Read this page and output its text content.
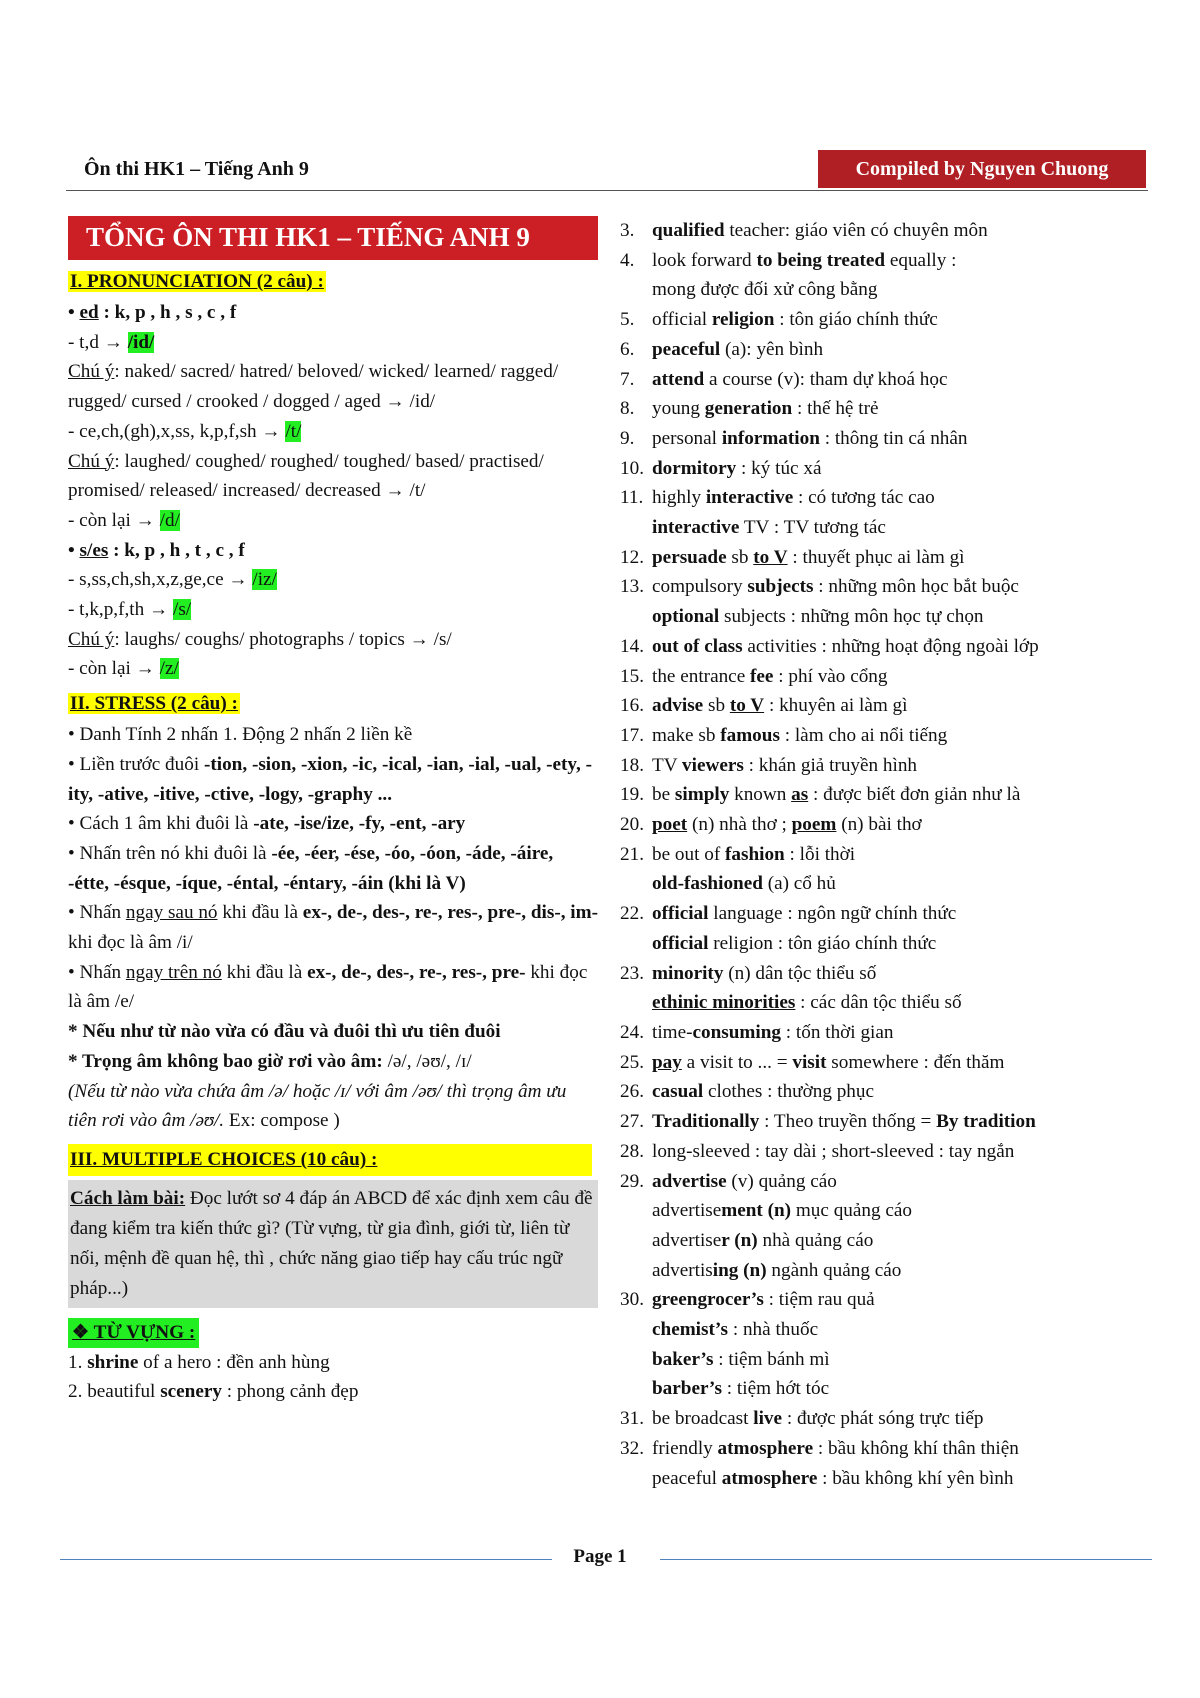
Ôn thi HK1 – Tiếng Anh 9	Compiled by Nguyen Chuong
TỔNG ÔN THI HK1 – TIẾNG ANH 9
I. PRONUNCIATION (2 câu) :
• ed : k, p , h , s , c , f
- t,d → /id/
Chú ý: naked/ sacred/ hatred/ beloved/ wicked/ learned/ ragged/ rugged/ cursed / crooked / dogged / aged → /id/
- ce,ch,(gh),x,ss, k,p,f,sh → /t/
Chú ý: laughed/ coughed/ roughed/ toughed/ based/ practised/ promised/ released/ increased/ decreased → /t/
- còn lại → /d/
• s/es : k, p , h , t , c , f
- s,ss,ch,sh,x,z,ge,ce → /iz/
- t,k,p,f,th → /s/
Chú ý: laughs/ coughs/ photographs / topics → /s/
- còn lại → /z/
II. STRESS (2 câu) :
• Danh Tính 2 nhấn 1. Động 2 nhấn 2 liền kề
• Liền trước đuôi -tion, -sion, -xion, -ic, -ical, -ian, -ial, -ual, -ety, -ity, -ative, -itive, -ctive, -logy, -graphy ...
• Cách 1 âm khi đuôi là -ate, -ise/ize, -fy, -ent, -ary
• Nhấn trên nó khi đuôi là -ée, -éer, -ése, -óo, -óon, -áde, -áire, -étte, -ésque, -íque, -éntal, -éntary, -áin (khi là V)
• Nhấn ngay sau nó khi đầu là ex-, de-, des-, re-, res-, pre-, dis-, im- khi đọc là âm /i/
• Nhấn ngay trên nó khi đầu là ex-, de-, des-, re-, res-, pre- khi đọc là âm /e/
* Nếu như từ nào vừa có đầu và đuôi thì ưu tiên đuôi
* Trọng âm không bao giờ rơi vào âm: /ə/, /əʊ/, /ɪ/
(Nếu từ nào vừa chứa âm /ə/ hoặc /ɪ/ với âm /əʊ/ thì trọng âm ưu tiên rơi vào âm /əʊ/. Ex: compose )
III. MULTIPLE CHOICES (10 câu) :
Cách làm bài: Đọc lướt sơ 4 đáp án ABCD để xác định xem câu đề đang kiểm tra kiến thức gì? (Từ vựng, từ gia đình, giới từ, liên từ nối, mệnh đề quan hệ, thì , chức năng giao tiếp hay cấu trúc ngữ pháp...)
❖ TỪ VỰNG :
1. shrine of a hero : đền anh hùng
2. beautiful scenery : phong cảnh đẹp
3. qualified teacher: giáo viên có chuyên môn
4. look forward to being treated equally :
mong được đối xử công bằng
5. official religion : tôn giáo chính thức
6. peaceful (a): yên bình
7. attend a course (v): tham dự khoá học
8. young generation : thế hệ trẻ
9. personal information : thông tin cá nhân
10. dormitory : ký túc xá
11. highly interactive : có tương tác cao
interactive TV : TV tương tác
12. persuade sb to V : thuyết phục ai làm gì
13. compulsory subjects : những môn học bắt buộc
optional subjects : những môn học tự chọn
14. out of class activities : những hoạt động ngoài lớp
15. the entrance fee : phí vào cổng
16. advise sb to V : khuyên ai làm gì
17. make sb famous : làm cho ai nổi tiếng
18. TV viewers : khán giả truyền hình
19. be simply known as : được biết đơn giản như là
20. poet (n) nhà thơ ; poem (n) bài thơ
21. be out of fashion : lỗi thời
old-fashioned (a) cổ hủ
22. official language : ngôn ngữ chính thức
official religion : tôn giáo chính thức
23. minority (n) dân tộc thiểu số
ethinic minorities : các dân tộc thiểu số
24. time-consuming : tốn thời gian
25. pay a visit to ... = visit somewhere : đến thăm
26. casual clothes : thường phục
27. Traditionally : Theo truyền thống = By tradition
28. long-sleeved : tay dài ; short-sleeved : tay ngắn
29. advertise (v) quảng cáo
advertisement (n) mục quảng cáo
advertiser (n) nhà quảng cáo
advertising (n) ngành quảng cáo
30. greengrocer’s : tiệm rau quả
chemist’s : nhà thuốc
baker’s : tiệm bánh mì
barber’s : tiệm hớt tóc
31. be broadcast live : được phát sóng trực tiếp
32. friendly atmosphere : bầu không khí thân thiện
peaceful atmosphere : bầu không khí yên bình
Page 1
